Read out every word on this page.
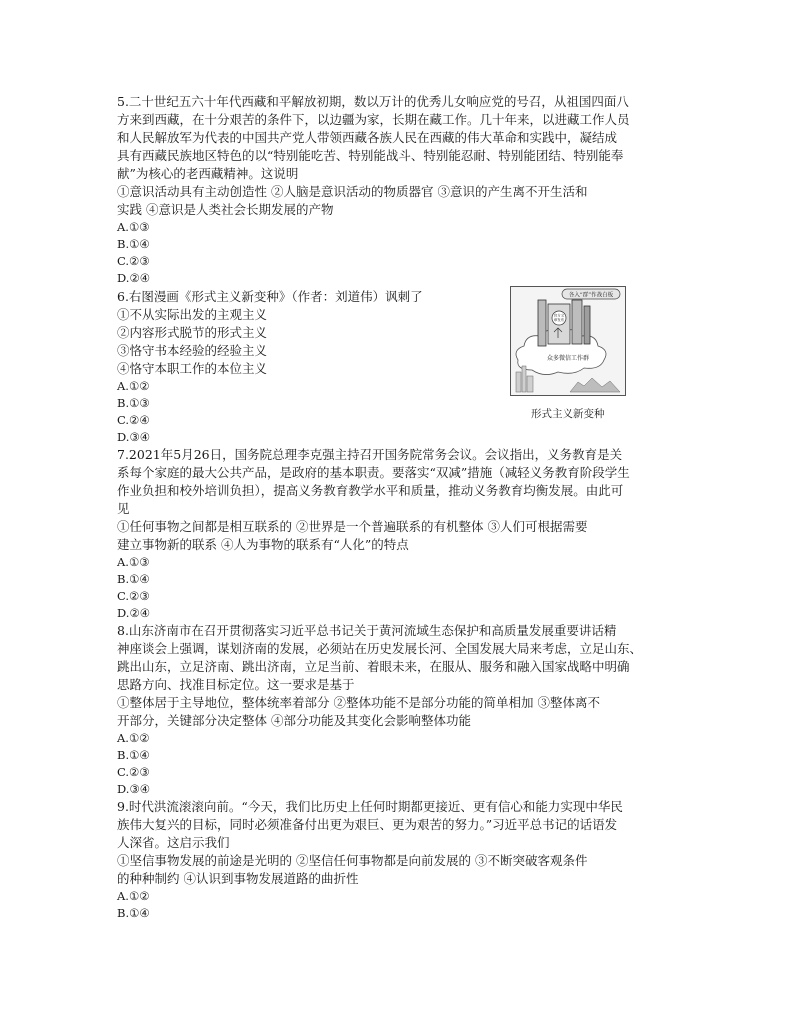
5.二十世纪五六十年代西藏和平解放初期，数以万计的优秀儿女响应党的号召，从祖国四面八
方来到西藏，在十分艰苦的条件下，以边疆为家，长期在藏工作。几十年来，以进藏工作人员
和人民解放军为代表的中国共产党人带领西藏各族人民在西藏的伟大革命和实践中，凝结成
具有西藏民族地区特色的以“特别能吃苦、特别能战斗、特别能忍耐、特别能团结、特别能奉
献”为核心的老西藏精神。这说明
①意识活动具有主动创造性 ②人脑是意识活动的物质器官 ③意识的产生离不开生活和
实践 ④意识是人类社会长期发展的产物
A.①③
B.①④
C.②③
D.②④
6.右图漫画《形式主义新变种》（作者：刘道伟）讽刺了
①不从实际出发的主观主义
②内容形式脱节的形式主义
③恪守书本经验的经验主义
④恪守本职工作的本位主义
A.①②
B.①③
C.②④
D.③④
各入“群”作战白板
众多微信工作群
官方文
章发布
形式主义新变种
7.2021年5月26日，国务院总理李克强主持召开国务院常务会议。会议指出，义务教育是关
系每个家庭的最大公共产品，是政府的基本职责。要落实“双减”措施（减轻义务教育阶段学生
作业负担和校外培训负担），提高义务教育教学水平和质量，推动义务教育均衡发展。由此可
见
①任何事物之间都是相互联系的 ②世界是一个普遍联系的有机整体 ③人们可根据需要
建立事物新的联系 ④人为事物的联系有“人化”的特点
A.①③
B.①④
C.②③
D.②④
8.山东济南市在召开贯彻落实习近平总书记关于黄河流域生态保护和高质量发展重要讲话精
神座谈会上强调，谋划济南的发展，必须站在历史发展长河、全国发展大局来考虑，立足山东、
跳出山东，立足济南、跳出济南，立足当前、着眼未来，在服从、服务和融入国家战略中明确
思路方向、找准目标定位。这一要求是基于
①整体居于主导地位，整体统率着部分 ②整体功能不是部分功能的简单相加 ③整体离不
开部分，关键部分决定整体 ④部分功能及其变化会影响整体功能
A.①②
B.①④
C.②③
D.③④
9.时代洪流滚滚向前。“今天，我们比历史上任何时期都更接近、更有信心和能力实现中华民
族伟大复兴的目标，同时必须准备付出更为艰巨、更为艰苦的努力。”习近平总书记的话语发
人深省。这启示我们
①坚信事物发展的前途是光明的 ②坚信任何事物都是向前发展的 ③不断突破客观条件
的种种制约 ④认识到事物发展道路的曲折性
A.①②
B.①④
